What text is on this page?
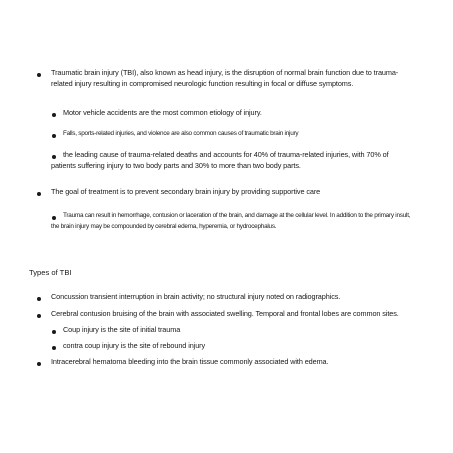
Traumatic brain injury (TBI), also known as head injury, is the disruption of normal brain function due to trauma-related injury resulting in compromised neurologic function resulting in focal or diffuse symptoms.
Motor vehicle accidents are the most common etiology of injury.
Falls, sports-related injuries, and violence are also common causes of traumatic brain injury
the leading cause of trauma-related deaths and accounts for 40% of trauma-related injuries, with 70% of patients suffering injury to two body parts and 30% to more than two body parts.
The goal of treatment is to prevent secondary brain injury by providing supportive care
Trauma can result in hemorrhage, contusion or laceration of the brain, and damage at the cellular level. In addition to the primary insult, the brain injury may be compounded by cerebral edema, hyperemia, or hydrocephalus.
Types of TBI
Concussion transient interruption in brain activity; no structural injury noted on radiographics.
Cerebral contusion bruising of the brain with associated swelling. Temporal and frontal lobes are common sites.
Coup injury is the site of initial trauma
contra coup injury is the site of rebound injury
Intracerebral hematoma bleeding into the brain tissue commonly associated with edema.
